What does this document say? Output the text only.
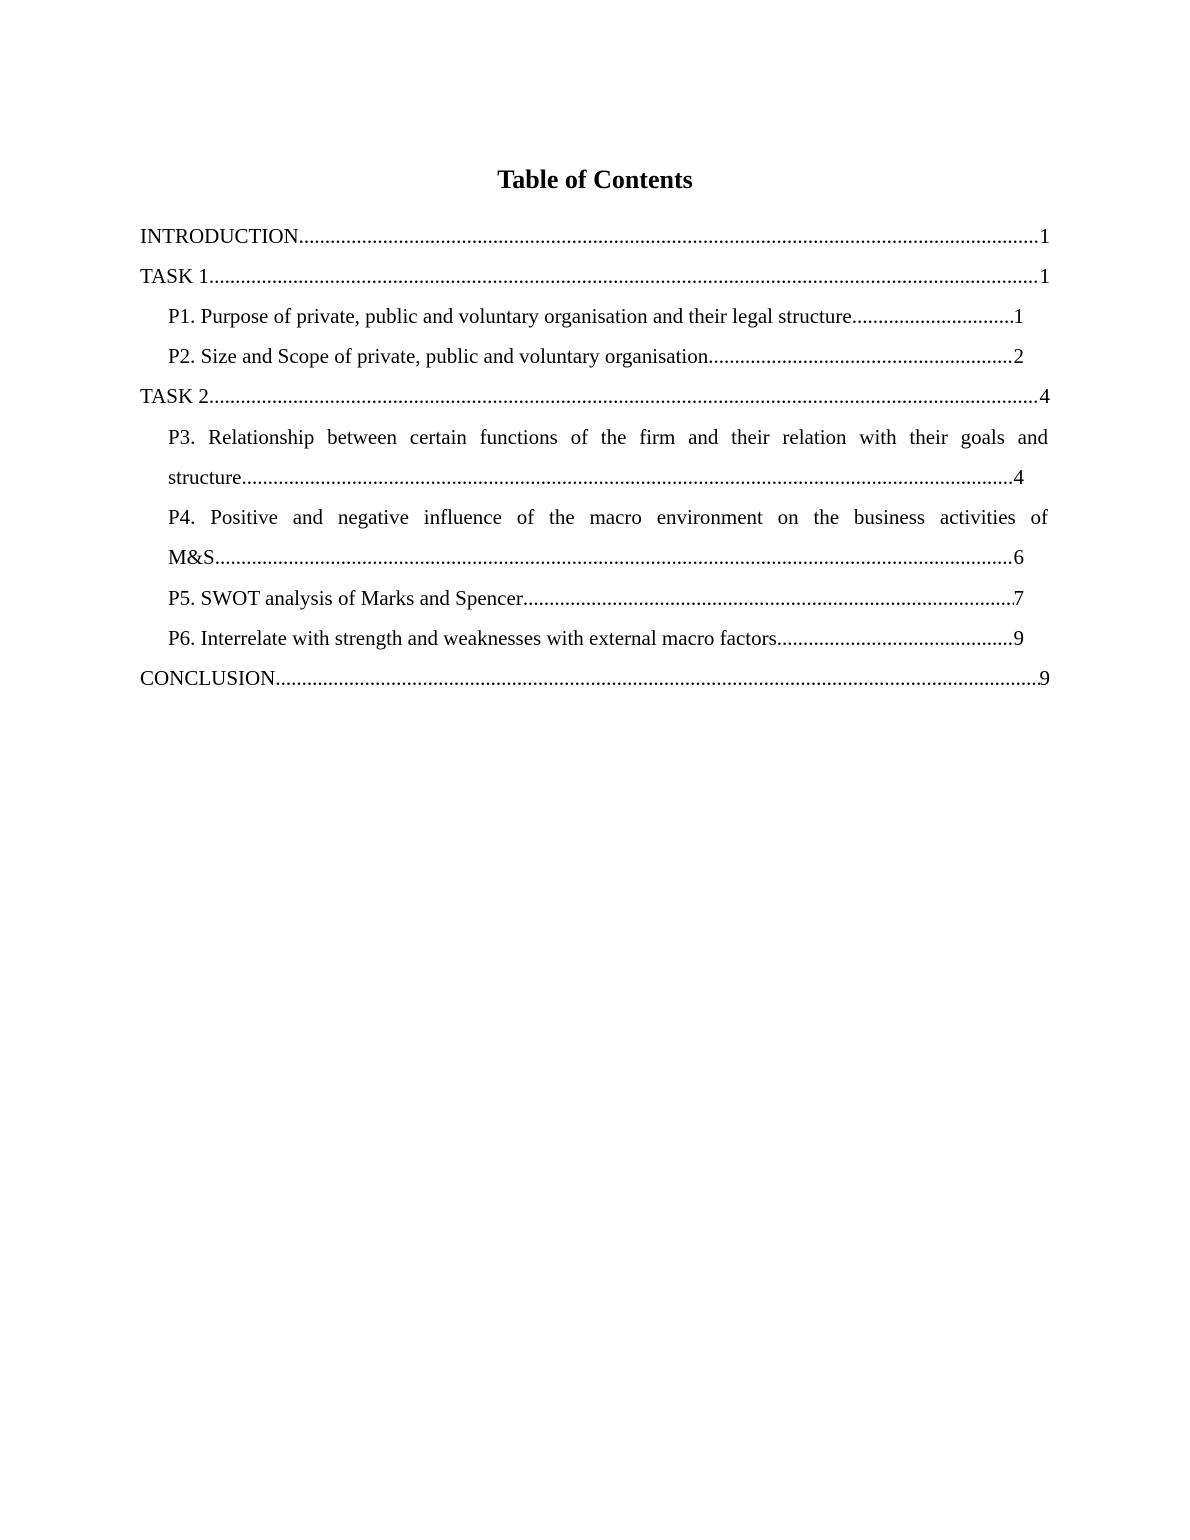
Table of Contents
INTRODUCTION .....	1
TASK 1 .....	1
P1. Purpose of private, public and voluntary organisation and their legal structure .....	1
P2. Size and Scope of private, public and voluntary organisation .....	2
TASK 2 .....	4
P3. Relationship between certain functions of the firm and their relation with their goals and
structure .....	4
P4. Positive and negative influence of the macro environment on the business activities of
M&S .....	6
P5. SWOT analysis of Marks and Spencer .....	7
P6. Interrelate with strength and weaknesses with external macro factors .....	9
CONCLUSION .....	9
